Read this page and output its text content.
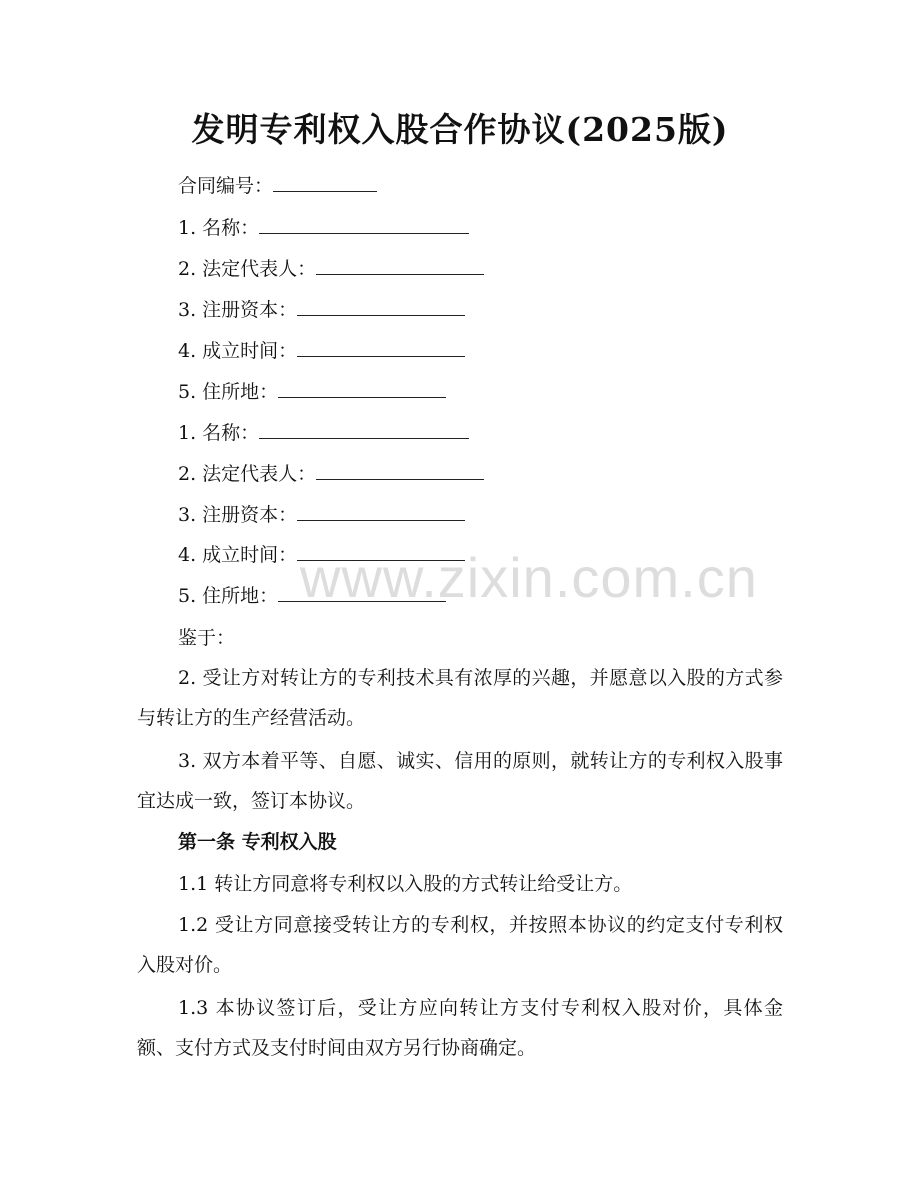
发明专利权入股合作协议(2025版)
合同编号：
1. 名称：
2. 法定代表人：
3. 注册资本：
4. 成立时间：
5. 住所地：
1. 名称：
2. 法定代表人：
3. 注册资本：
4. 成立时间：
5. 住所地：
鉴于：
2. 受让方对转让方的专利技术具有浓厚的兴趣，并愿意以入股的方式参与转让方的生产经营活动。
3. 双方本着平等、自愿、诚实、信用的原则，就转让方的专利权入股事宜达成一致，签订本协议。
第一条 专利权入股
1.1 转让方同意将专利权以入股的方式转让给受让方。
1.2 受让方同意接受转让方的专利权，并按照本协议的约定支付专利权入股对价。
1.3 本协议签订后，受让方应向转让方支付专利权入股对价，具体金额、支付方式及支付时间由双方另行协商确定。
www.zixin.com.cn
